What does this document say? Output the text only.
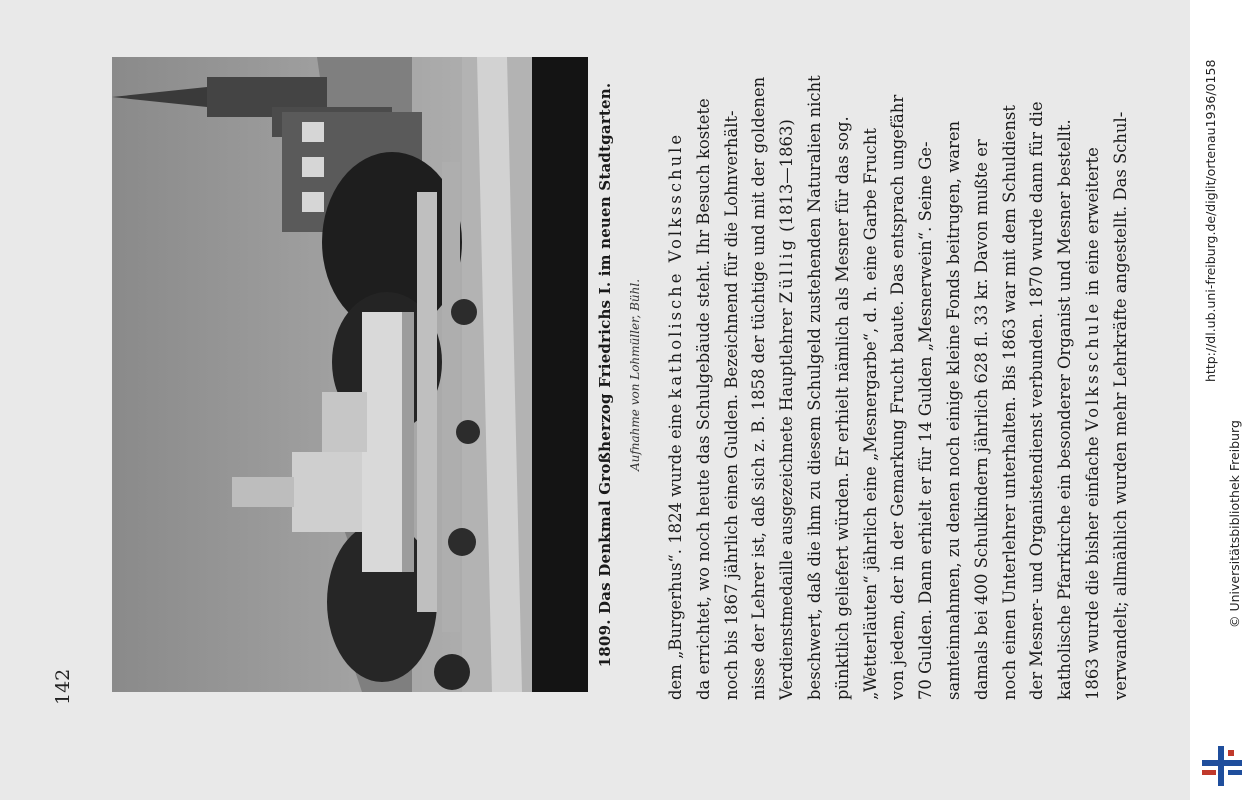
142
1809. Das Denkmal Großherzog Friedrichs I. im neuen Stadtgarten. Aufnahme von Lohmüller, Bühl.
dem „Burgerhus“. 1824 wurde eine katholische Volksschule da errichtet, wo noch heute das Schulgebäude steht. Ihr Besuch kostete noch bis 1867 jährlich einen Gulden. Bezeichnend für die Lohnverhält- nisse der Lehrer ist, daß sich z. B. 1858 der tüchtige und mit der goldenen Verdienstmedaille ausgezeichnete Hauptlehrer Züllig (1813—1863) beschwert, daß die ihm zu diesem Schulgeld zustehenden Naturalien nicht pünktlich geliefert würden. Er erhielt nämlich als Mesner für das sog. „Wetterläuten“ jährlich eine „Mesnergarbe“, d. h. eine Garbe Frucht von jedem, der in der Gemarkung Frucht baute. Das entsprach ungefähr 70 Gulden. Dann erhielt er für 14 Gulden „Mesnerwein“. Seine Ge- samteinnahmen, zu denen noch einige kleine Fonds beitrugen, waren damals bei 400 Schulkindern jährlich 628 fl. 33 kr. Davon mußte er noch einen Unterlehrer unterhalten. Bis 1863 war mit dem Schuldienst der Mesner- und Organistendienst verbunden. 1870 wurde dann für die katholische Pfarrkirche ein besonderer Organist und Mesner bestellt. 1863 wurde die bisher einfache Volksschule in eine erweiterte verwandelt; allmählich wurden mehr Lehrkräfte angestellt. Das Schul-	http://dl.ub.uni-freiburg.de/diglit/ortenau1936/0158
© Universitätsbibliothek Freiburg
